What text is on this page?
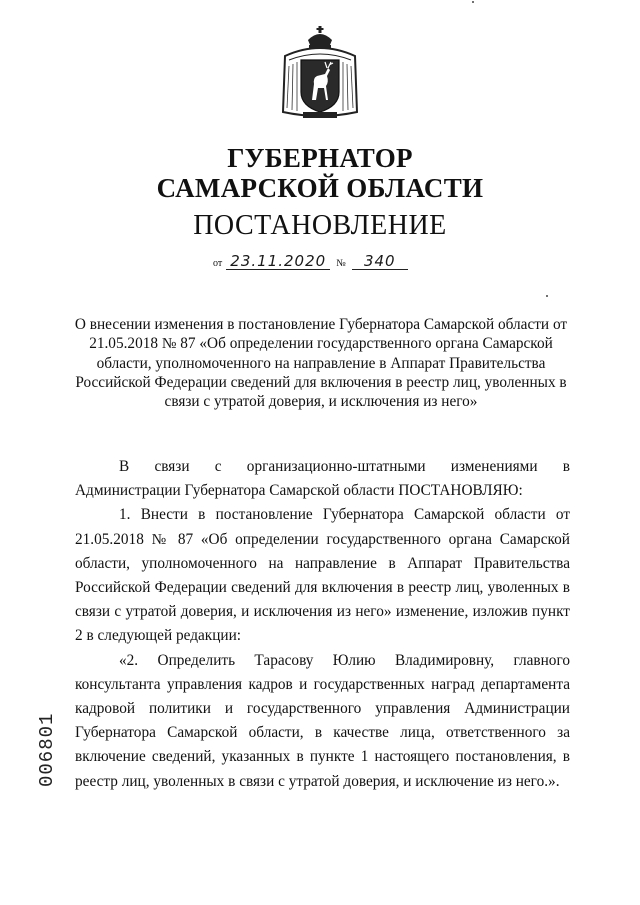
ГУБЕРНАТОР
САМАРСКОЙ ОБЛАСТИ
ПОСТАНОВЛЕНИЕ
от 23.11.2020 № 340
О внесении изменения в постановление Губернатора Самарской области от 21.05.2018 № 87 «Об определении государственного органа Самарской области, уполномоченного на направление в Аппарат Правительства Российской Федерации сведений для включения в реестр лиц, уволенных в связи с утратой доверия, и исключения из него»

В связи с организационно-штатными изменениями в Администрации Губернатора Самарской области ПОСТАНОВЛЯЮ:

1. Внести в постановление Губернатора Самарской области от 21.05.2018 № 87 «Об определении государственного органа Самарской области, уполномоченного на направление в Аппарат Правительства Российской Федерации сведений для включения в реестр лиц, уволенных в связи с утратой доверия, и исключения из него» изменение, изложив пункт 2 в следующей редакции:

«2. Определить Тарасову Юлию Владимировну, главного консультанта управления кадров и государственных наград департамента кадровой политики и государственного управления Администрации Губернатора Самарской области, в качестве лица, ответственного за включение сведений, указанных в пункте 1 настоящего постановления, в реестр лиц, уволенных в связи с утратой доверия, и исключение из него.».

006801
